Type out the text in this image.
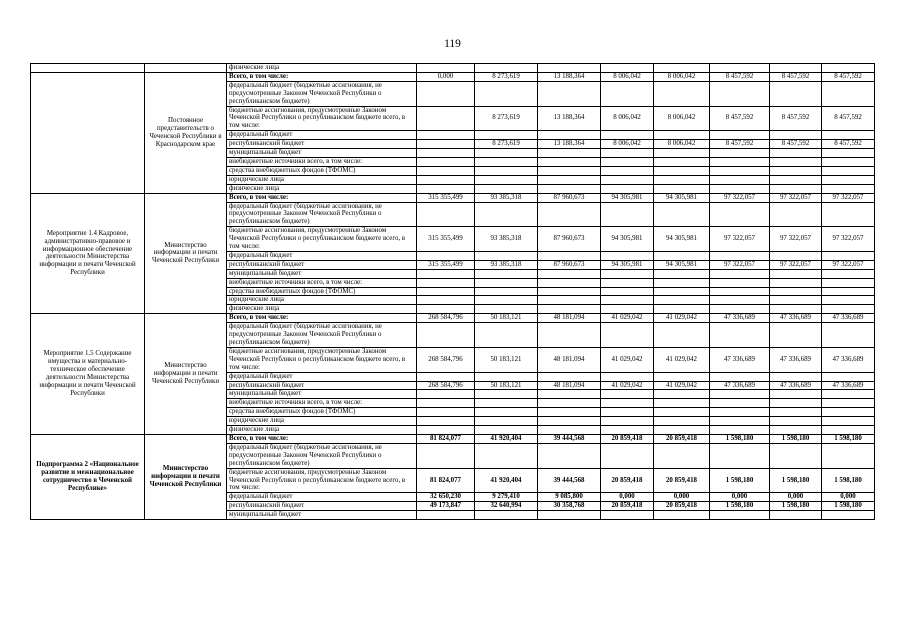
119
		физические лица								
	Постоянное представительств о Чеченской Республики в Краснодарском крае	Всего, в том числе:	0,000	8 273,619	13 188,364	8 006,042	8 006,042	8 457,592	8 457,592	8 457,592
		федеральный бюджет (бюджетные ассигнования, не предусмотренные Законом Чеченской Республики о республиканском бюджете)								
		бюджетные ассигнования, предусмотренные Законом Чеченской Республики о республиканском бюджете всего, в том числе:		8 273,619	13 188,364	8 006,042	8 006,042	8 457,592	8 457,592	8 457,592
		федеральный бюджет								
		республиканский бюджет		8 273,619	13 188,364	8 006,042	8 006,042	8 457,592	8 457,592	8 457,592
		муниципальный бюджет								
		внебюджетные источники всего, в том числе:								
		средства внебюджетных фондов (ТФОМС)								
		юридические лица								
		физические лица								
Мероприятие 1.4 Кадровое, административно-правовое и информационное обеспечение деятельности Министерства информации и печати Чеченской Республики	Министерство информации и печати Чеченской Республики	Всего, в том числе:	315 355,499	93 385,318	87 960,673	94 305,981	94 305,981	97 322,057	97 322,057	97 322,057
		федеральный бюджет (бюджетные ассигнования, не предусмотренные Законом Чеченской Республики о республиканском бюджете)								
		бюджетные ассигнования, предусмотренные Законом Чеченской Республики о республиканском бюджете всего, в том числе:	315 355,499	93 385,318	87 960,673	94 305,981	94 305,981	97 322,057	97 322,057	97 322,057
		федеральный бюджет								
		республиканский бюджет	315 355,499	93 385,318	87 960,673	94 305,981	94 305,981	97 322,057	97 322,057	97 322,057
		муниципальный бюджет								
		внебюджетные источники всего, в том числе:								
		средства внебюджетных фондов (ТФОМС)								
		юридические лица								
		физические лица								
Мероприятие 1.5 Содержание имущества и материально-техническое обеспечение деятельности Министерства информации и печати Чеченской Республики	Министерство информации и печати Чеченской Республики	Всего, в том числе:	268 584,796	50 183,121	48 181,094	41 029,042	41 029,042	47 336,689	47 336,689	47 336,689
		федеральный бюджет (бюджетные ассигнования, не предусмотренные Законом Чеченской Республики о республиканском бюджете)								
		бюджетные ассигнования, предусмотренные Законом Чеченской Республики о республиканском бюджете всего, в том числе:	268 584,796	50 183,121	48 181,094	41 029,042	41 029,042	47 336,689	47 336,689	47 336,689
		федеральный бюджет								
		республиканский бюджет	268 584,796	50 183,121	48 181,094	41 029,042	41 029,042	47 336,689	47 336,689	47 336,689
		муниципальный бюджет								
		внебюджетные источники всего, в том числе:								
		средства внебюджетных фондов (ТФОМС)								
		юридические лица								
		физические лица								
Подпрограмма 2 «Национальное развитие и межнациональное сотрудничество в Чеченской Республике»	Министерство информации и печати Чеченской Республики	Всего, в том числе:	81 824,077	41 920,404	39 444,568	20 859,418	20 859,418	1 598,180	1 598,180	1 598,180
		федеральный бюджет (бюджетные ассигнования, не предусмотренные Законом Чеченской Республики о республиканском бюджете)								
		бюджетные ассигнования, предусмотренные Законом Чеченской Республики о республиканском бюджете всего, в том числе:	81 824,077	41 920,404	39 444,568	20 859,418	20 859,418	1 598,180	1 598,180	1 598,180
		федеральный бюджет	32 650,230	9 279,410	9 085,800	0,000	0,000	0,000	0,000	0,000
		республиканский бюджет	49 173,847	32 640,994	30 358,768	20 859,418	20 859,418	1 598,180	1 598,180	1 598,180
		муниципальный бюджет								
